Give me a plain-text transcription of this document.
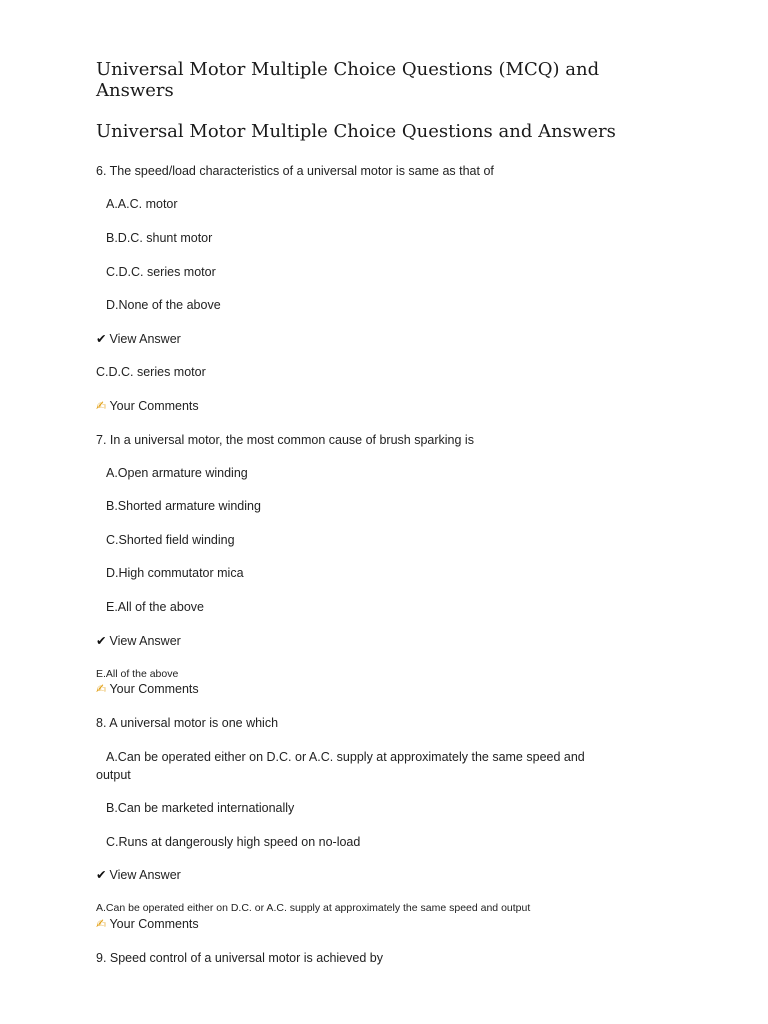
Universal Motor Multiple Choice Questions (MCQ) and Answers
Universal Motor Multiple Choice Questions and Answers
6. The speed/load characteristics of a universal motor is same as that of
A.A.C. motor
B.D.C. shunt motor
C.D.C. series motor
D.None of the above
✔ View Answer
C.D.C. series motor
✍ Your Comments
7. In a universal motor, the most common cause of brush sparking is
A.Open armature winding
B.Shorted armature winding
C.Shorted field winding
D.High commutator mica
E.All of the above
✔ View Answer
E.All of the above
✍ Your Comments
8. A universal motor is one which
A.Can be operated either on D.C. or A.C. supply at approximately the same speed and output
B.Can be marketed internationally
C.Runs at dangerously high speed on no-load
✔ View Answer
A.Can be operated either on D.C. or A.C. supply at approximately the same speed and output
✍ Your Comments
9. Speed control of a universal motor is achieved by
